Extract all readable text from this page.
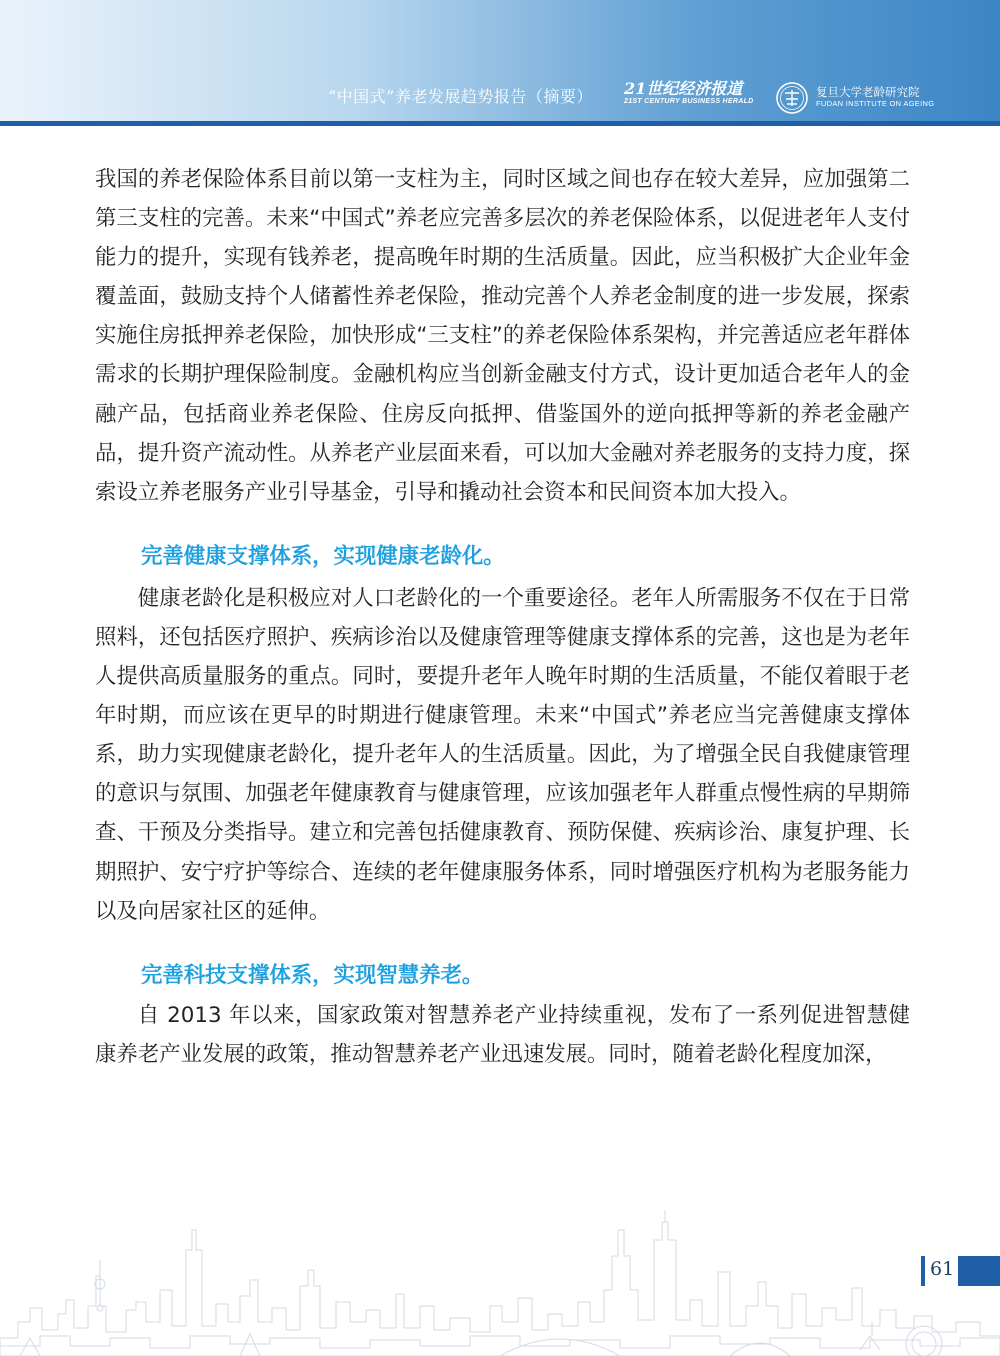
“中国式”养老发展趋势报告（摘要） 21世纪经济报道
21ST CENTURY BUSINESS HERALD
复旦大学老龄研究院
FUDAN INSTITUTE ON AGEING

我国的养老保险体系目前以第一支柱为主，同时区域之间也存在较大差异，应加强第二第三支柱的完善。未来“中国式”养老应完善多层次的养老保险体系，以促进老年人支付能力的提升，实现有钱养老，提高晚年时期的生活质量。因此，应当积极扩大企业年金覆盖面，鼓励支持个人储蓄性养老保险，推动完善个人养老金制度的进一步发展，探索实施住房抵押养老保险，加快形成“三支柱”的养老保险体系架构，并完善适应老年群体需求的长期护理保险制度。金融机构应当创新金融支付方式，设计更加适合老年人的金融产品，包括商业养老保险、住房反向抵押、借鉴国外的逆向抵押等新的养老金融产品，提升资产流动性。从养老产业层面来看，可以加大金融对养老服务的支持力度，探索设立养老服务产业引导基金，引导和撬动社会资本和民间资本加大投入。

完善健康支撑体系，实现健康老龄化。

健康老龄化是积极应对人口老龄化的一个重要途径。老年人所需服务不仅在于日常照料，还包括医疗照护、疾病诊治以及健康管理等健康支撑体系的完善，这也是为老年人提供高质量服务的重点。同时，要提升老年人晚年时期的生活质量，不能仅着眼于老年时期，而应该在更早的时期进行健康管理。未来“中国式”养老应当完善健康支撑体系，助力实现健康老龄化，提升老年人的生活质量。因此，为了增强全民自我健康管理的意识与氛围、加强老年健康教育与健康管理，应该加强老年人群重点慢性病的早期筛查、干预及分类指导。建立和完善包括健康教育、预防保健、疾病诊治、康复护理、长期照护、安宁疗护等综合、连续的老年健康服务体系，同时增强医疗机构为老服务能力以及向居家社区的延伸。

完善科技支撑体系，实现智慧养老。

自 2013 年以来，国家政策对智慧养老产业持续重视，发布了一系列促进智慧健康养老产业发展的政策，推动智慧养老产业迅速发展。同时，随着老龄化程度加深，

61
